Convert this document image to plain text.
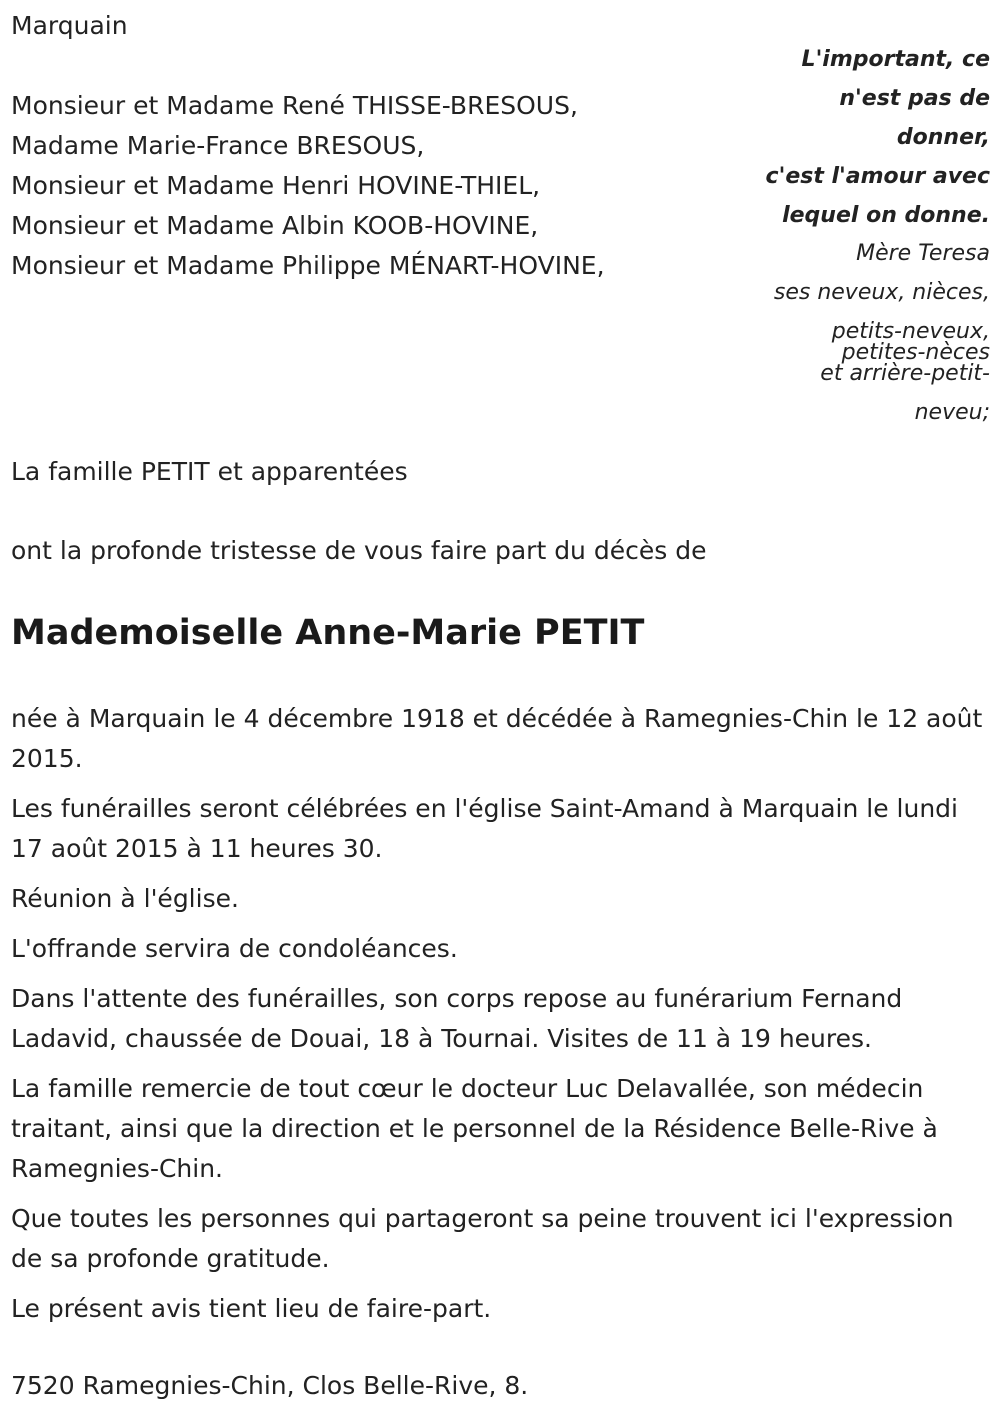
Marquain
Monsieur et Madame René THISSE-BRESOUS,
Madame Marie-France BRESOUS,
Monsieur et Madame Henri HOVINE-THIEL,
Monsieur et Madame Albin KOOB-HOVINE,
Monsieur et Madame Philippe MÉNART-HOVINE,
L'important, ce
n'est pas de
donner,
c'est l'amour avec
lequel on donne.
Mère Teresa
ses neveux, nièces,
petits-neveux,
petites-nèces
et arrière-petit-
neveu;
La famille PETIT et apparentées
ont la profonde tristesse de vous faire part du décès de
Mademoiselle Anne-Marie PETIT

née à Marquain le 4 décembre 1918 et décédée à Ramegnies-Chin le 12 août 2015.

Les funérailles seront célébrées en l'église Saint-Amand à Marquain le lundi 17 août 2015 à 11 heures 30.

Réunion à l'église.

L'offrande servira de condoléances.

Dans l'attente des funérailles, son corps repose au funérarium Fernand Ladavid, chaussée de Douai, 18 à Tournai. Visites de 11 à 19 heures.

La famille remercie de tout cœur le docteur Luc Delavallée, son médecin traitant, ainsi que la direction et le personnel de la Résidence Belle-Rive à Ramegnies-Chin.

Que toutes les personnes qui partageront sa peine trouvent ici l'expression de sa profonde gratitude.

Le présent avis tient lieu de faire-part.

7520 Ramegnies-Chin, Clos Belle-Rive, 8.
